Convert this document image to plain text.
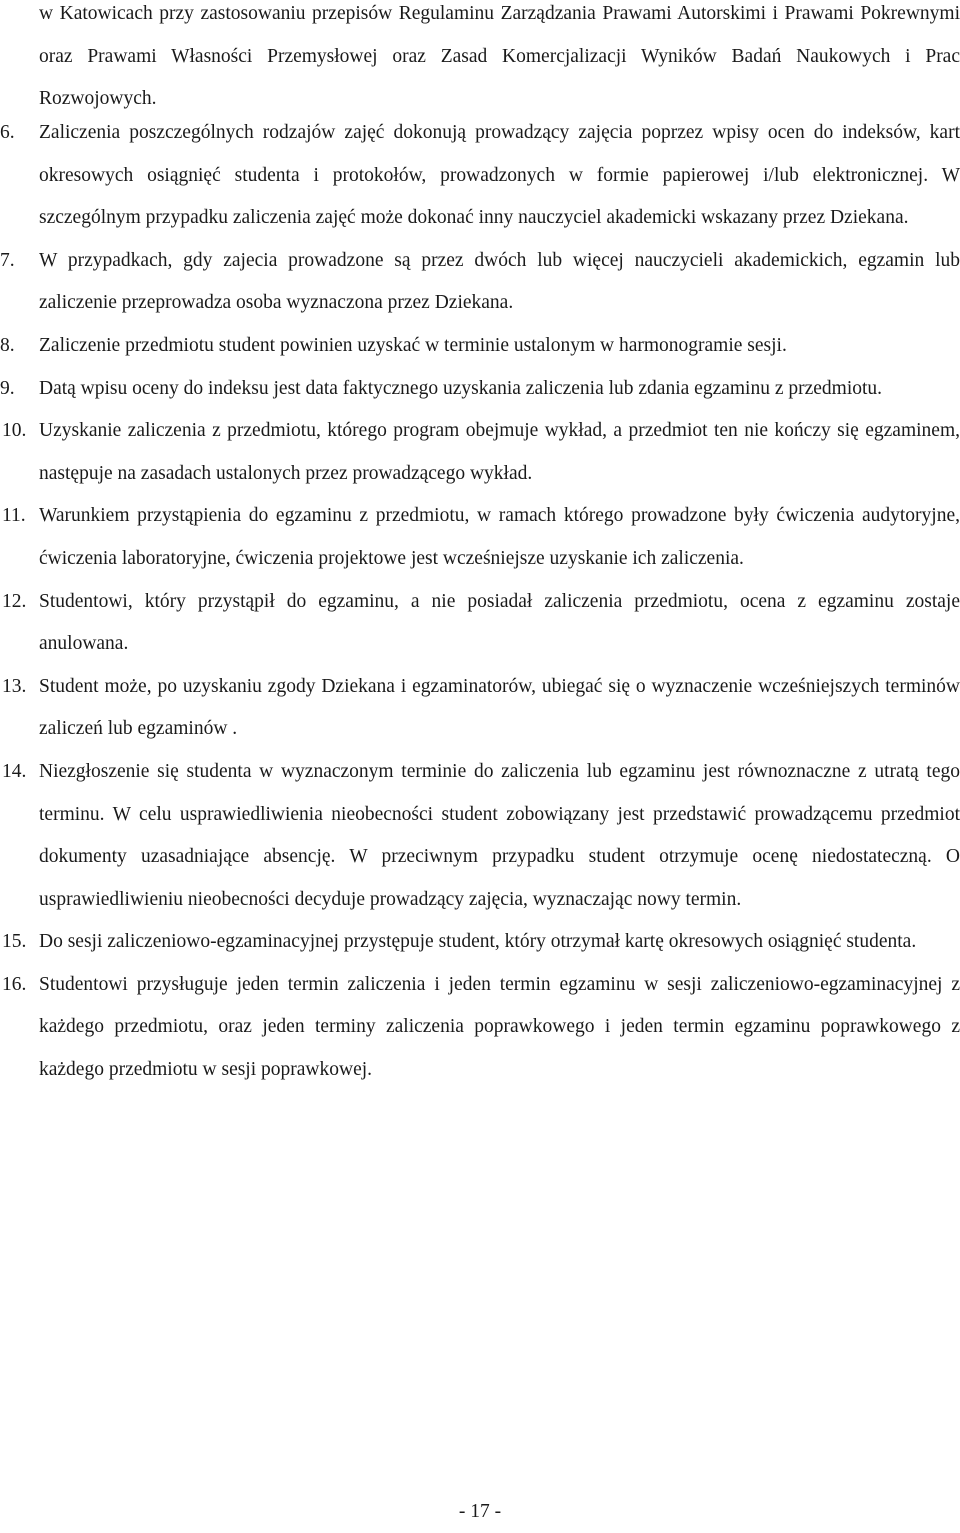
w Katowicach przy zastosowaniu przepisów Regulaminu Zarządzania Prawami Autorskimi i Prawami Pokrewnymi oraz Prawami Własności Przemysłowej oraz Zasad Komercjalizacji Wyników Badań Naukowych i Prac Rozwojowych.

6. Zaliczenia poszczególnych rodzajów zajęć dokonują prowadzący zajęcia poprzez wpisy ocen do indeksów, kart okresowych osiągnięć studenta i protokołów, prowadzonych w formie papierowej i/lub elektronicznej. W szczególnym przypadku zaliczenia zajęć może dokonać inny nauczyciel akademicki wskazany przez Dziekana.
7. W przypadkach, gdy zajecia prowadzone są przez dwóch lub więcej nauczycieli akademickich, egzamin lub zaliczenie przeprowadza osoba wyznaczona przez Dziekana.
8. Zaliczenie przedmiotu student powinien uzyskać w terminie ustalonym w harmonogramie sesji.
9. Datą wpisu oceny do indeksu jest data faktycznego uzyskania zaliczenia lub zdania egzaminu z przedmiotu.
10. Uzyskanie zaliczenia z przedmiotu, którego program obejmuje wykład, a przedmiot ten nie kończy się egzaminem, następuje na zasadach ustalonych przez prowadzącego wykład.
11. Warunkiem przystąpienia do egzaminu z przedmiotu, w ramach którego prowadzone były ćwiczenia audytoryjne, ćwiczenia laboratoryjne, ćwiczenia projektowe jest wcześniejsze uzyskanie ich zaliczenia.
12. Studentowi, który przystąpił do egzaminu, a nie posiadał zaliczenia przedmiotu, ocena z egzaminu zostaje anulowana.
13. Student może, po uzyskaniu zgody Dziekana i egzaminatorów, ubiegać się o wyznaczenie wcześniejszych terminów zaliczeń lub egzaminów .
14. Niezgłoszenie się studenta w wyznaczonym terminie do zaliczenia lub egzaminu jest równoznaczne z utratą tego terminu. W celu usprawiedliwienia nieobecności student zobowiązany jest przedstawić prowadzącemu przedmiot dokumenty uzasadniające absencję. W przeciwnym przypadku student otrzymuje ocenę niedostateczną. O usprawiedliwieniu nieobecności decyduje prowadzący zajęcia, wyznaczając nowy termin.
15. Do sesji zaliczeniowo-egzaminacyjnej przystępuje student, który otrzymał kartę okresowych osiągnięć studenta.
16. Studentowi przysługuje jeden termin zaliczenia i jeden termin egzaminu w sesji zaliczeniowo-egzaminacyjnej z każdego przedmiotu, oraz jeden terminy zaliczenia poprawkowego i jeden termin egzaminu poprawkowego z każdego przedmiotu w sesji poprawkowej.
- 17 -
